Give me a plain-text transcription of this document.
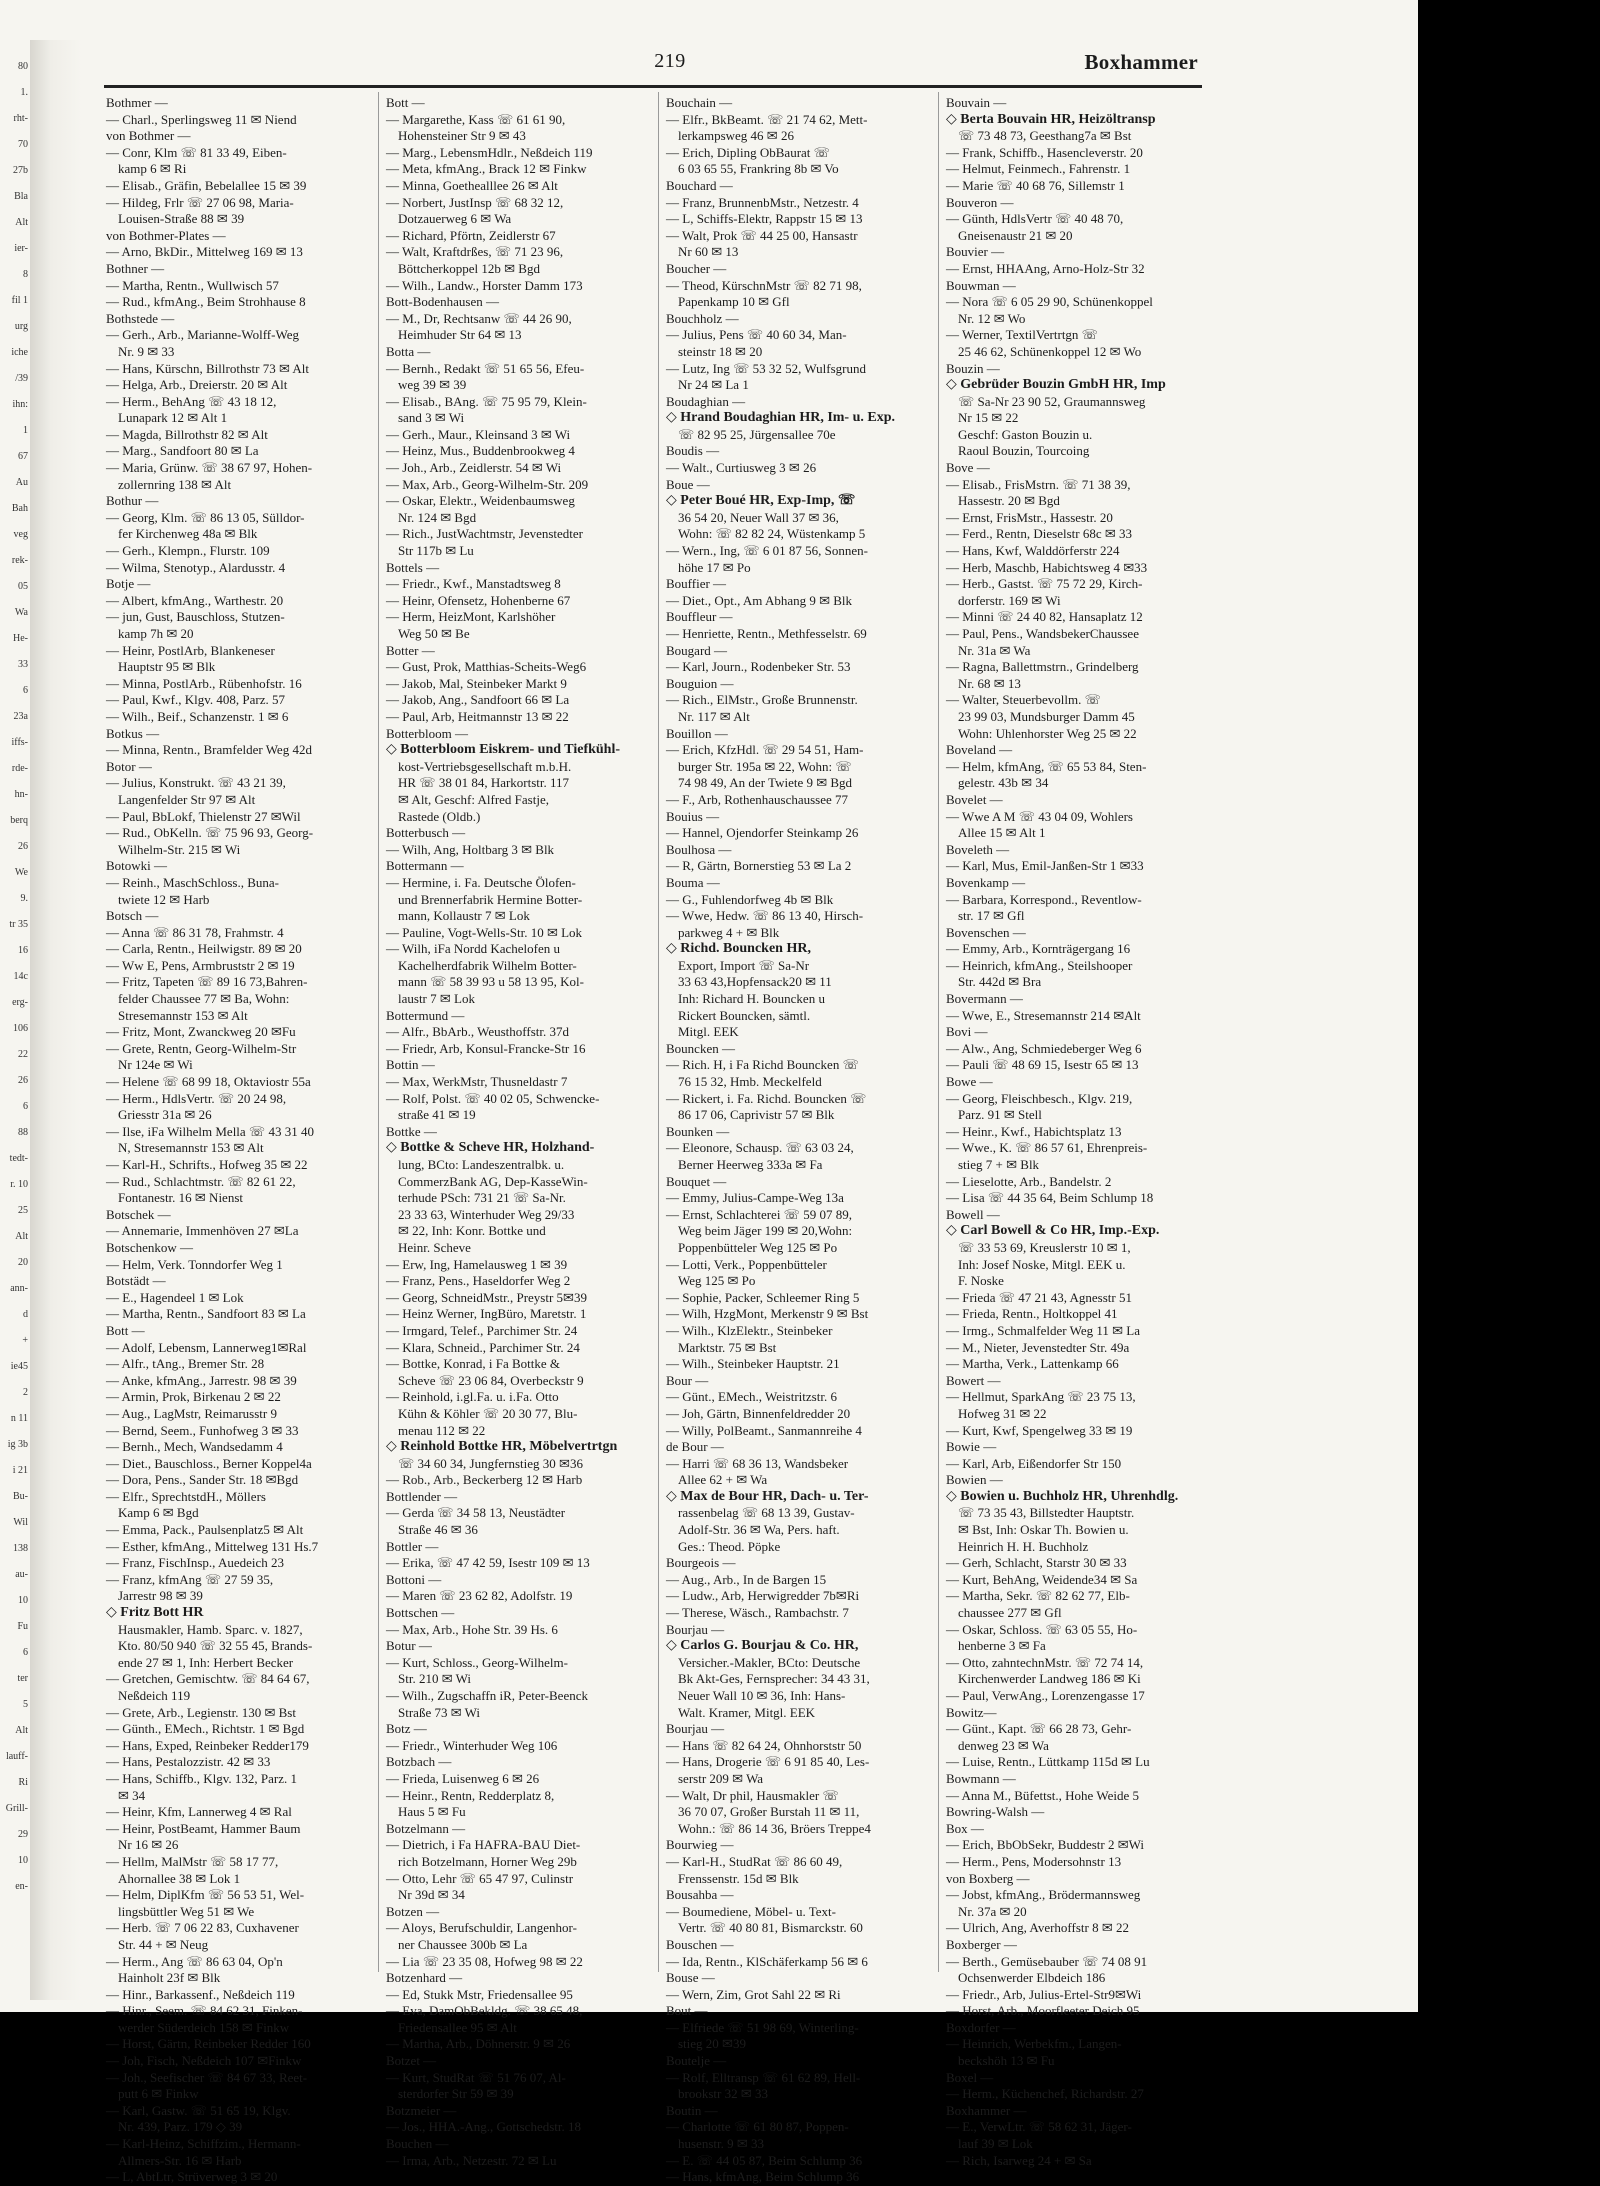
80
1.
rht-
70
27b
Bla
Alt
ier-
8
fil 1
urg
iche
/39
ihn:
1
67
Au
Bah
veg
rek-
05
Wa
He-
33
6
23a
iffs-
rde-
hn-
berq
26
We
9.
tr 35
16
14c
erg-
106
22
26
6
88
tedt-
r. 10
25
Alt
20
ann-
d
+
ie45
2
n 11
ig 3b
i 21
Bu-
Wil
138
au-
10
Fu
6
ter
5
Alt
lauff-
Ri
Grill-
29
10
en-
219	Boxhammer
Bothmer —
— Charl., Sperlingsweg 11 ✉ Niend
von Bothmer —
— Conr, Klm ☏ 81 33 49, Eiben-
kamp 6 ✉ Ri
— Elisab., Gräfin, Bebelallee 15 ✉ 39
— Hildeg, Frlr ☏ 27 06 98, Maria-
Louisen-Straße 88 ✉ 39
von Bothmer-Plates —
— Arno, BkDir., Mittelweg 169 ✉ 13
Bothner —
— Martha, Rentn., Wullwisch 57
— Rud., kfmAng., Beim Strohhause 8
Bothstede —
— Gerh., Arb., Marianne-Wolff-Weg
Nr. 9 ✉ 33
— Hans, Kürschn, Billrothstr 73 ✉ Alt
— Helga, Arb., Dreierstr. 20 ✉ Alt
— Herm., BehAng ☏ 43 18 12,
Lunapark 12 ✉ Alt 1
— Magda, Billrothstr 82 ✉ Alt
— Marg., Sandfoort 80 ✉ La
— Maria, Grünw. ☏ 38 67 97, Hohen-
zollernring 138 ✉ Alt
Bothur —
— Georg, Klm. ☏ 86 13 05, Sülldor-
fer Kirchenweg 48a ✉ Blk
— Gerh., Klempn., Flurstr. 109
— Wilma, Stenotyp., Alardusstr. 4
Botje —
— Albert, kfmAng., Warthestr. 20
— jun, Gust, Bauschloss, Stutzen-
kamp 7h ✉ 20
— Heinr, PostlArb, Blankeneser
Hauptstr 95 ✉ Blk
— Minna, PostlArb., Rübenhofstr. 16
— Paul, Kwf., Klgv. 408, Parz. 57
— Wilh., Beif., Schanzenstr. 1 ✉ 6
Botkus —
— Minna, Rentn., Bramfelder Weg 42d
Botor —
— Julius, Konstrukt. ☏ 43 21 39,
Langenfelder Str 97 ✉ Alt
— Paul, BbLokf, Thielenstr 27 ✉Wil
— Rud., ObKelln. ☏ 75 96 93, Georg-
Wilhelm-Str. 215 ✉ Wi
Botowki —
— Reinh., MaschSchloss., Buna-
twiete 12 ✉ Harb
Botsch —
— Anna ☏ 86 31 78, Frahmstr. 4
— Carla, Rentn., Heilwigstr. 89 ✉ 20
— Ww E, Pens, Armbruststr 2 ✉ 19
— Fritz, Tapeten ☏ 89 16 73,Bahren-
felder Chaussee 77 ✉ Ba, Wohn:
Stresemannstr 153 ✉ Alt
— Fritz, Mont, Zwanckweg 20 ✉Fu
— Grete, Rentn, Georg-Wilhelm-Str
Nr 124e ✉ Wi
— Helene ☏ 68 99 18, Oktaviostr 55a
— Herm., HdlsVertr. ☏ 20 24 98,
Griesstr 31a ✉ 26
— Ilse, iFa Wilhelm Mella ☏ 43 31 40
N, Stresemannstr 153 ✉ Alt
— Karl-H., Schrifts., Hofweg 35 ✉ 22
— Rud., Schlachtmstr. ☏ 82 61 22,
Fontanestr. 16 ✉ Nienst
Botschek —
— Annemarie, Immenhöven 27 ✉La
Botschenkow —
— Helm, Verk. Tonndorfer Weg 1
Botstädt —
— E., Hagendeel 1 ✉ Lok
— Martha, Rentn., Sandfoort 83 ✉ La
Bott —
— Adolf, Lebensm, Lannerweg1✉Ral
— Alfr., tAng., Bremer Str. 28
— Anke, kfmAng., Jarrestr. 98 ✉ 39
— Armin, Prok, Birkenau 2 ✉ 22
— Aug., LagMstr, Reimarusstr 9
— Bernd, Seem., Funhofweg 3 ✉ 33
— Bernh., Mech, Wandsedamm 4
— Diet., Bauschloss., Berner Koppel4a
— Dora, Pens., Sander Str. 18 ✉Bgd
— Elfr., SprechtstdH., Möllers
Kamp 6 ✉ Bgd
— Emma, Pack., Paulsenplatz5 ✉ Alt
— Esther, kfmAng., Mittelweg 131 Hs.7
— Franz, FischInsp., Auedeich 23
— Franz, kfmAng ☏ 27 59 35,
Jarrestr 98 ✉ 39
◇ Fritz Bott HR
Hausmakler, Hamb. Sparc. v. 1827,
Kto. 80/50 940 ☏ 32 55 45, Brands-
ende 27 ✉ 1, Inh: Herbert Becker
— Gretchen, Gemischtw. ☏ 84 64 67,
Neßdeich 119
— Grete, Arb., Legienstr. 130 ✉ Bst
— Günth., EMech., Richtstr. 1 ✉ Bgd
— Hans, Exped, Reinbeker Redder179
— Hans, Pestalozzistr. 42 ✉ 33
— Hans, Schiffb., Klgv. 132, Parz. 1
✉ 34
— Heinr, Kfm, Lannerweg 4 ✉ Ral
— Heinr, PostBeamt, Hammer Baum
Nr 16 ✉ 26
— Hellm, MalMstr ☏ 58 17 77,
Ahornallee 38 ✉ Lok 1
— Helm, DiplKfm ☏ 56 53 51, Wel-
lingsbüttler Weg 51 ✉ We
— Herb. ☏ 7 06 22 83, Cuxhavener
Str. 44 + ✉ Neug
— Herm., Ang ☏ 86 63 04, Op'n
Hainholt 23f ✉ Blk
— Hinr., Barkassenf., Neßdeich 119
— Hinr., Seem. ☏ 84 62 31, Finken-
werder Süderdeich 158 ✉ Finkw
— Horst, Gärtn, Reinbeker Redder 160
— Joh, Fisch, Neßdeich 107 ✉Finkw
— Joh., Seefischer ☏ 84 67 33, Reet-
putt 6 ✉ Finkw
— Karl, Gastw. ☏ 51 65 19, Klgv.
Nr. 439, Parz. 179 ◇ 39
— Karl-Heinz, Schiffzim., Hermann-
Allmers-Str. 16 ✉ Harb
— L, AbtLtr, Strüverweg 3 ✉ 20
Bott —
— Margarethe, Kass ☏ 61 61 90,
Hohensteiner Str 9 ✉ 43
— Marg., LebensmHdlr., Neßdeich 119
— Meta, kfmAng., Brack 12 ✉ Finkw
— Minna, Goethealllee 26 ✉ Alt
— Norbert, JustInsp ☏ 68 32 12,
Dotzauerweg 6 ✉ Wa
— Richard, Pförtn, Zeidlerstr 67
— Walt, Kraftdrßes, ☏ 71 23 96,
Böttcherkoppel 12b ✉ Bgd
— Wilh., Landw., Horster Damm 173
Bott-Bodenhausen —
— M., Dr, Rechtsanw ☏ 44 26 90,
Heimhuder Str 64 ✉ 13
Botta —
— Bernh., Redakt ☏ 51 65 56, Efeu-
weg 39 ✉ 39
— Elisab., BAng. ☏ 75 95 79, Klein-
sand 3 ✉ Wi
— Gerh., Maur., Kleinsand 3 ✉ Wi
— Heinz, Mus., Buddenbrookweg 4
— Joh., Arb., Zeidlerstr. 54 ✉ Wi
— Max, Arb., Georg-Wilhelm-Str. 209
— Oskar, Elektr., Weidenbaumsweg
Nr. 124 ✉ Bgd
— Rich., JustWachtmstr, Jevenstedter
Str 117b ✉ Lu
Bottels —
— Friedr., Kwf., Manstadtsweg 8
— Heinr, Ofensetz, Hohenberne 67
— Herm, HeizMont, Karlshöher
Weg 50 ✉ Be
Botter —
— Gust, Prok, Matthias-Scheits-Weg6
— Jakob, Mal, Steinbeker Markt 9
— Jakob, Ang., Sandfoort 66 ✉ La
— Paul, Arb, Heitmannstr 13 ✉ 22
Botterbloom —
◇ Botterbloom Eiskrem- und Tiefkühl-
kost-Vertriebsgesellschaft m.b.H.
HR ☏ 38 01 84, Harkortstr. 117
✉ Alt, Geschf: Alfred Fastje,
Rastede (Oldb.)
Botterbusch —
— Wilh, Ang, Holtbarg 3 ✉ Blk
Bottermann —
— Hermine, i. Fa. Deutsche Ölofen-
und Brennerfabrik Hermine Botter-
mann, Kollaustr 7 ✉ Lok
— Pauline, Vogt-Wells-Str. 10 ✉ Lok
— Wilh, iFa Nordd Kachelofen u
Kachelherdfabrik Wilhelm Botter-
mann ☏ 58 39 93 u 58 13 95, Kol-
laustr 7 ✉ Lok
Bottermund —
— Alfr., BbArb., Weusthoffstr. 37d
— Friedr, Arb, Konsul-Francke-Str 16
Bottin —
— Max, WerkMstr, Thusneldastr 7
— Rolf, Polst. ☏ 40 02 05, Schwencke-
straße 41 ✉ 19
Bottke —
◇ Bottke & Scheve HR, Holzhand-
lung, BCto: Landeszentralbk. u.
CommerzBank AG, Dep-KasseWin-
terhude PSch: 731 21 ☏ Sa-Nr.
23 33 63, Winterhuder Weg 29/33
✉ 22, Inh: Konr. Bottke und
Heinr. Scheve
— Erw, Ing, Hamelausweg 1 ✉ 39
— Franz, Pens., Haseldorfer Weg 2
— Georg, SchneidMstr., Preystr 5✉39
— Heinz Werner, IngBüro, Maretstr. 1
— Irmgard, Telef., Parchimer Str. 24
— Klara, Schneid., Parchimer Str. 24
— Bottke, Konrad, i Fa Bottke &
Scheve ☏ 23 06 84, Overbeckstr 9
— Reinhold, i.gl.Fa. u. i.Fa. Otto
Kühn & Köhler ☏ 20 30 77, Blu-
menau 112 ✉ 22
◇ Reinhold Bottke HR, Möbelvertrtgn
☏ 34 60 34, Jungfernstieg 30 ✉36
— Rob., Arb., Beckerberg 12 ✉ Harb
Bottlender —
— Gerda ☏ 34 58 13, Neustädter
Straße 46 ✉ 36
Bottler —
— Erika, ☏ 47 42 59, Isestr 109 ✉ 13
Bottoni —
— Maren ☏ 23 62 82, Adolfstr. 19
Bottschen —
— Max, Arb., Hohe Str. 39 Hs. 6
Botur —
— Kurt, Schloss., Georg-Wilhelm-
Str. 210 ✉ Wi
— Wilh., Zugschaffn iR, Peter-Beenck
Straße 73 ✉ Wi
Botz —
— Friedr., Winterhuder Weg 106
Botzbach —
— Frieda, Luisenweg 6 ✉ 26
— Heinr., Rentn, Redderplatz 8,
Haus 5 ✉ Fu
Botzelmann —
— Dietrich, i Fa HAFRA-BAU Diet-
rich Botzelmann, Horner Weg 29b
— Otto, Lehr ☏ 65 47 97, Culinstr
Nr 39d ✉ 34
Botzen —
— Aloys, Berufschuldir, Langenhor-
ner Chaussee 300b ✉ La
— Lia ☏ 23 35 08, Hofweg 98 ✉ 22
Botzenhard —
— Ed, Stukk Mstr, Friedensallee 95
— Eva, DamObBekldg. ☏ 38 65 48,
Friedensallee 95 ✉ Alt
— Martha, Arb., Döhnerstr. 9 ✉ 26
Botzet —
— Kurt, StudRat ☏ 51 76 07, Al-
sterdorfer Str 59 ✉ 39
Botzmeier —
— Jos., HHA.-Ang., Gottschedstr. 18
Bouchen —
— Irma, Arb., Netzestr. 72 ✉ Lu
Bouchain —
— Elfr., BkBeamt. ☏ 21 74 62, Mett-
lerkampsweg 46 ✉ 26
— Erich, Dipling ObBaurat ☏
6 03 65 55, Frankring 8b ✉ Vo
Bouchard —
— Franz, BrunnenbMstr., Netzestr. 4
— L, Schiffs-Elektr, Rappstr 15 ✉ 13
— Walt, Prok ☏ 44 25 00, Hansastr
Nr 60 ✉ 13
Boucher —
— Theod, KürschnMstr ☏ 82 71 98,
Papenkamp 10 ✉ Gfl
Bouchholz —
— Julius, Pens ☏ 40 60 34, Man-
steinstr 18 ✉ 20
— Lutz, Ing ☏ 53 32 52, Wulfsgrund
Nr 24 ✉ La 1
Boudaghian —
◇ Hrand Boudaghian HR, Im- u. Exp.
☏ 82 95 25, Jürgensallee 70e
Boudis —
— Walt., Curtiusweg 3 ✉ 26
Boue —
◇ Peter Boué HR, Exp-Imp, ☏
36 54 20, Neuer Wall 37 ✉ 36,
Wohn: ☏ 82 82 24, Wüstenkamp 5
— Wern., Ing, ☏ 6 01 87 56, Sonnen-
höhe 17 ✉ Po
Bouffier —
— Diet., Opt., Am Abhang 9 ✉ Blk
Bouffleur —
— Henriette, Rentn., Methfesselstr. 69
Bougard —
— Karl, Journ., Rodenbeker Str. 53
Bouguion —
— Rich., ElMstr., Große Brunnenstr.
Nr. 117 ✉ Alt
Bouillon —
— Erich, KfzHdl. ☏ 29 54 51, Ham-
burger Str. 195a ✉ 22, Wohn: ☏
74 98 49, An der Twiete 9 ✉ Bgd
— F., Arb, Rothenhauschaussee 77
Bouius —
— Hannel, Ojendorfer Steinkamp 26
Boulhosa —
— R, Gärtn, Bornerstieg 53 ✉ La 2
Bouma —
— G., Fuhlendorfweg 4b ✉ Blk
— Wwe, Hedw. ☏ 86 13 40, Hirsch-
parkweg 4 + ✉ Blk
◇ Richd. Bouncken HR,
Export, Import ☏ Sa-Nr
33 63 43,Hopfensack20 ✉ 11
Inh: Richard H. Bouncken u
Rickert Bouncken, sämtl.
Mitgl. EEK
Bouncken —
— Rich. H, i Fa Richd Bouncken ☏
76 15 32, Hmb. Meckelfeld
— Rickert, i. Fa. Richd. Bouncken ☏
86 17 06, Caprivistr 57 ✉ Blk
Bounken —
— Eleonore, Schausp. ☏ 63 03 24,
Berner Heerweg 333a ✉ Fa
Bouquet —
— Emmy, Julius-Campe-Weg 13a
— Ernst, Schlachterei ☏ 59 07 89,
Weg beim Jäger 199 ✉ 20,Wohn:
Poppenbütteler Weg 125 ✉ Po
— Lotti, Verk., Poppenbütteler
Weg 125 ✉ Po
— Sophie, Packer, Schleemer Ring 5
— Wilh, HzgMont, Merkenstr 9 ✉ Bst
— Wilh., KlzElektr., Steinbeker
Marktstr. 75 ✉ Bst
— Wilh., Steinbeker Hauptstr. 21
Bour —
— Günt., EMech., Weistritzstr. 6
— Joh, Gärtn, Binnenfeldredder 20
— Willy, PolBeamt., Sanmannreihe 4
de Bour —
— Harri ☏ 68 36 13, Wandsbeker
Allee 62 + ✉ Wa
◇ Max de Bour HR, Dach- u. Ter-
rassenbelag ☏ 68 13 39, Gustav-
Adolf-Str. 36 ✉ Wa, Pers. haft.
Ges.: Theod. Pöpke
Bourgeois —
— Aug., Arb., In de Bargen 15
— Ludw., Arb, Herwigredder 7b✉Ri
— Therese, Wäsch., Rambachstr. 7
Bourjau —
◇ Carlos G. Bourjau & Co. HR,
Versicher.-Makler, BCto: Deutsche
Bk Akt-Ges, Fernsprecher: 34 43 31,
Neuer Wall 10 ✉ 36, Inh: Hans-
Walt. Kramer, Mitgl. EEK
Bourjau —
— Hans ☏ 82 64 24, Ohnhorststr 50
— Hans, Drogerie ☏ 6 91 85 40, Les-
serstr 209 ✉ Wa
— Walt, Dr phil, Hausmakler ☏
36 70 07, Großer Burstah 11 ✉ 11,
Wohn.: ☏ 86 14 36, Bröers Treppe4
Bourwieg —
— Karl-H., StudRat ☏ 86 60 49,
Frenssenstr. 15d ✉ Blk
Bousahba —
— Boumediene, Möbel- u. Text-
Vertr. ☏ 40 80 81, Bismarckstr. 60
Bouschen —
— Ida, Rentn., KlSchäferkamp 56 ✉ 6
Bouse —
— Wern, Zim, Grot Sahl 22 ✉ Ri
Bout —
— Elfriede ☏ 51 98 69, Winterling-
stieg 20 ✉39
Boutelje —
— Rolf, Elltransp ☏ 61 62 89, Hell-
brookstr 32 ✉ 33
Boutin —
— Charlotte ☏ 61 80 87, Poppen-
husenstr. 9 ✉ 33
— E. ☏ 44 05 87, Beim Schlump 36
— Hans, kfmAng, Beim Schlump 36
Bouvain —
◇ Berta Bouvain HR, Heizöltransp
☏ 73 48 73, Geesthang7a ✉ Bst
— Frank, Schiffb., Hasencleverstr. 20
— Helmut, Feinmech., Fahrenstr. 1
— Marie ☏ 40 68 76, Sillemstr 1
Bouveron —
— Günth, HdlsVertr ☏ 40 48 70,
Gneisenaustr 21 ✉ 20
Bouvier —
— Ernst, HHAAng, Arno-Holz-Str 32
Bouwman —
— Nora ☏ 6 05 29 90, Schünenkoppel
Nr. 12 ✉ Wo
— Werner, TextilVertrtgn ☏
25 46 62, Schünenkoppel 12 ✉ Wo
Bouzin —
◇ Gebrüder Bouzin GmbH HR, Imp
☏ Sa-Nr 23 90 52, Graumannsweg
Nr 15 ✉ 22
Geschf: Gaston Bouzin u.
Raoul Bouzin, Tourcoing
Bove —
— Elisab., FrisMstrn. ☏ 71 38 39,
Hassestr. 20 ✉ Bgd
— Ernst, FrisMstr., Hassestr. 20
— Ferd., Rentn, Dieselstr 68c ✉ 33
— Hans, Kwf, Walddörferstr 224
— Herb, Maschb, Habichtsweg 4 ✉33
— Herb., Gastst. ☏ 75 72 29, Kirch-
dorferstr. 169 ✉ Wi
— Minni ☏ 24 40 82, Hansaplatz 12
— Paul, Pens., WandsbekerChaussee
Nr. 31a ✉ Wa
— Ragna, Ballettmstrn., Grindelberg
Nr. 68 ✉ 13
— Walter, Steuerbevollm. ☏
23 99 03, Mundsburger Damm 45
Wohn: Uhlenhorster Weg 25 ✉ 22
Boveland —
— Helm, kfmAng, ☏ 65 53 84, Sten-
gelestr. 43b ✉ 34
Bovelet —
— Wwe A M ☏ 43 04 09, Wohlers
Allee 15 ✉ Alt 1
Boveleth —
— Karl, Mus, Emil-Janßen-Str 1 ✉33
Bovenkamp —
— Barbara, Korrespond., Reventlow-
str. 17 ✉ Gfl
Bovenschen —
— Emmy, Arb., Kornträgergang 16
— Heinrich, kfmAng., Steilshooper
Str. 442d ✉ Bra
Bovermann —
— Wwe, E., Stresemannstr 214 ✉Alt
Bovi —
— Alw., Ang, Schmiedeberger Weg 6
— Pauli ☏ 48 69 15, Isestr 65 ✉ 13
Bowe —
— Georg, Fleischbesch., Klgv. 219,
Parz. 91 ✉ Stell
— Heinr., Kwf., Habichtsplatz 13
— Wwe., K. ☏ 86 57 61, Ehrenpreis-
stieg 7 + ✉ Blk
— Lieselotte, Arb., Bandelstr. 2
— Lisa ☏ 44 35 64, Beim Schlump 18
Bowell —
◇ Carl Bowell & Co HR, Imp.-Exp.
☏ 33 53 69, Kreuslerstr 10 ✉ 1,
Inh: Josef Noske, Mitgl. EEK u.
F. Noske
— Frieda ☏ 47 21 43, Agnesstr 51
— Frieda, Rentn., Holtkoppel 41
— Irmg., Schmalfelder Weg 11 ✉ La
— M., Nieter, Jevenstedter Str. 49a
— Martha, Verk., Lattenkamp 66
Bowert —
— Hellmut, SparkAng ☏ 23 75 13,
Hofweg 31 ✉ 22
— Kurt, Kwf, Spengelweg 33 ✉ 19
Bowie —
— Karl, Arb, Eißendorfer Str 150
Bowien —
◇ Bowien u. Buchholz HR, Uhrenhdlg.
☏ 73 35 43, Billstedter Hauptstr.
✉ Bst, Inh: Oskar Th. Bowien u.
Heinrich H. H. Buchholz
— Gerh, Schlacht, Starstr 30 ✉ 33
— Kurt, BehAng, Weidende34 ✉ Sa
— Martha, Sekr. ☏ 82 62 77, Elb-
chaussee 277 ✉ Gfl
— Oskar, Schloss. ☏ 63 05 55, Ho-
henberne 3 ✉ Fa
— Otto, zahntechnMstr. ☏ 72 74 14,
Kirchenwerder Landweg 186 ✉ Ki
— Paul, VerwAng., Lorenzengasse 17
Bowitz—
— Günt., Kapt. ☏ 66 28 73, Gehr-
denweg 23 ✉ Wa
— Luise, Rentn., Lüttkamp 115d ✉ Lu
Bowmann —
— Anna M., Büfettst., Hohe Weide 5
Bowring-Walsh —
Box —
— Erich, BbObSekr, Buddestr 2 ✉Wi
— Herm., Pens, Modersohnstr 13
von Boxberg —
— Jobst, kfmAng., Brödermannsweg
Nr. 37a ✉ 20
— Ulrich, Ang, Averhoffstr 8 ✉ 22
Boxberger —
— Berth., Gemüsebauber ☏ 74 08 91
Ochsenwerder Elbdeich 186
— Friedr., Arb, Julius-Ertel-Str9✉Wi
— Horst, Arb., Moorfleeter Deich 95
Boxdorfer —
— Heinrich, Werbekfm., Langen-
beckshöh 13 ✉ Fu
Boxel —
— Herm., Küchenchef, Richardstr. 27
Boxhammer —
— E., VerwLtr. ☏ 58 62 31, Jäger-
lauf 39 ✉ Lok
— Rich, Isarweg 24 + ✉ Sa
